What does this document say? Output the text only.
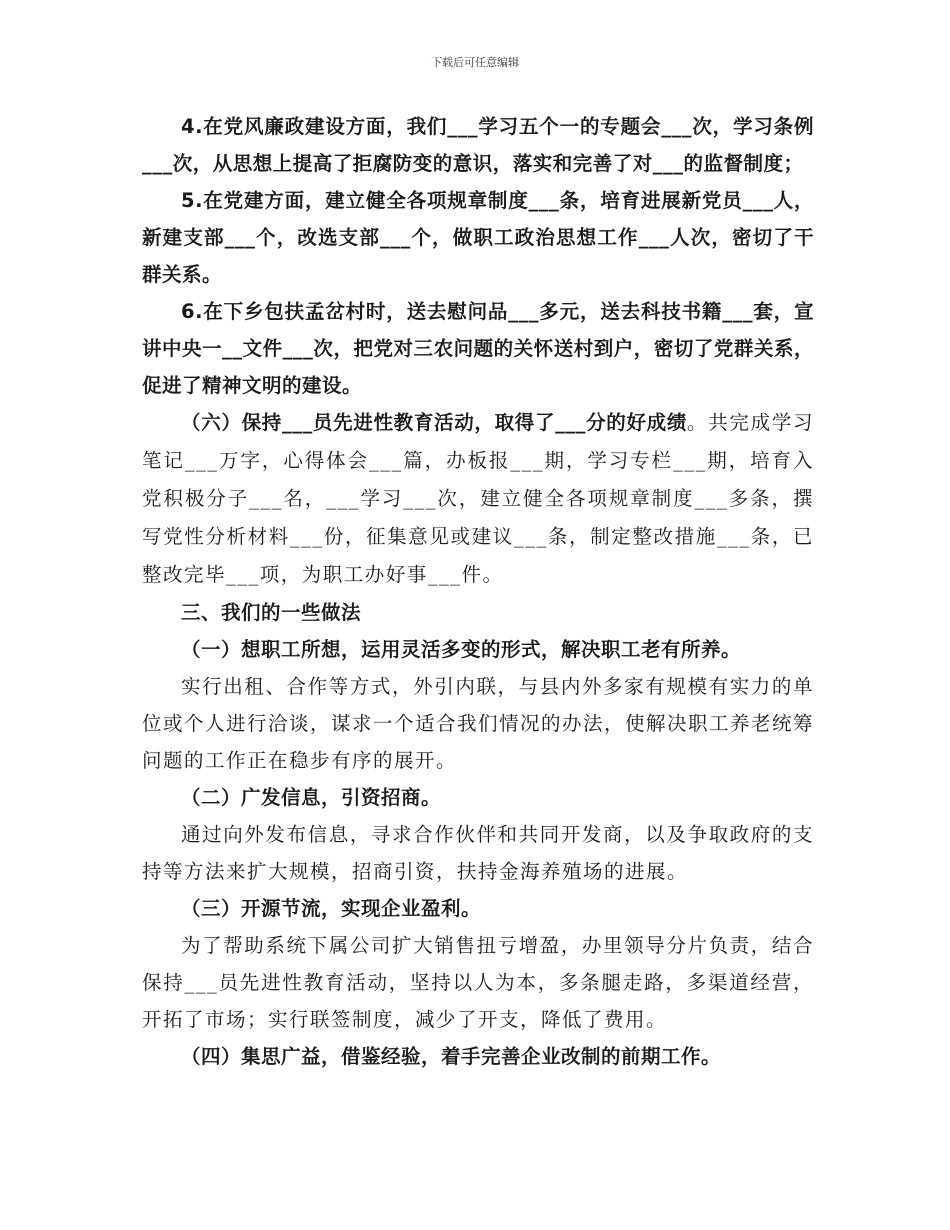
下载后可任意编辑

4.在党风廉政建设方面，我们___学习五个一的专题会___次，学习条例___次，从思想上提高了拒腐防变的意识，落实和完善了对___的监督制度；

5.在党建方面，建立健全各项规章制度___条，培育进展新党员___人，新建支部___个，改选支部___个，做职工政治思想工作___人次，密切了干群关系。

6.在下乡包扶孟岔村时，送去慰问品___多元，送去科技书籍___套，宣讲中央一__文件___次，把党对三农问题的关怀送村到户，密切了党群关系，促进了精神文明的建设。

（六）保持___员先进性教育活动，取得了___分的好成绩。共完成学习笔记___万字，心得体会___篇，办板报___期，学习专栏___期，培育入党积极分子___名，___学习___次，建立健全各项规章制度___多条，撰写党性分析材料___份，征集意见或建议___条，制定整改措施___条，已整改完毕___项，为职工办好事___件。

三、我们的一些做法

（一）想职工所想，运用灵活多变的形式，解决职工老有所养。

实行出租、合作等方式，外引内联，与县内外多家有规模有实力的单位或个人进行洽谈，谋求一个适合我们情况的办法，使解决职工养老统筹问题的工作正在稳步有序的展开。

（二）广发信息，引资招商。

通过向外发布信息，寻求合作伙伴和共同开发商，以及争取政府的支持等方法来扩大规模，招商引资，扶持金海养殖场的进展。

（三）开源节流，实现企业盈利。

为了帮助系统下属公司扩大销售扭亏增盈，办里领导分片负责，结合保持___员先进性教育活动，坚持以人为本，多条腿走路，多渠道经营，开拓了市场；实行联签制度，减少了开支，降低了费用。

（四）集思广益，借鉴经验，着手完善企业改制的前期工作。
